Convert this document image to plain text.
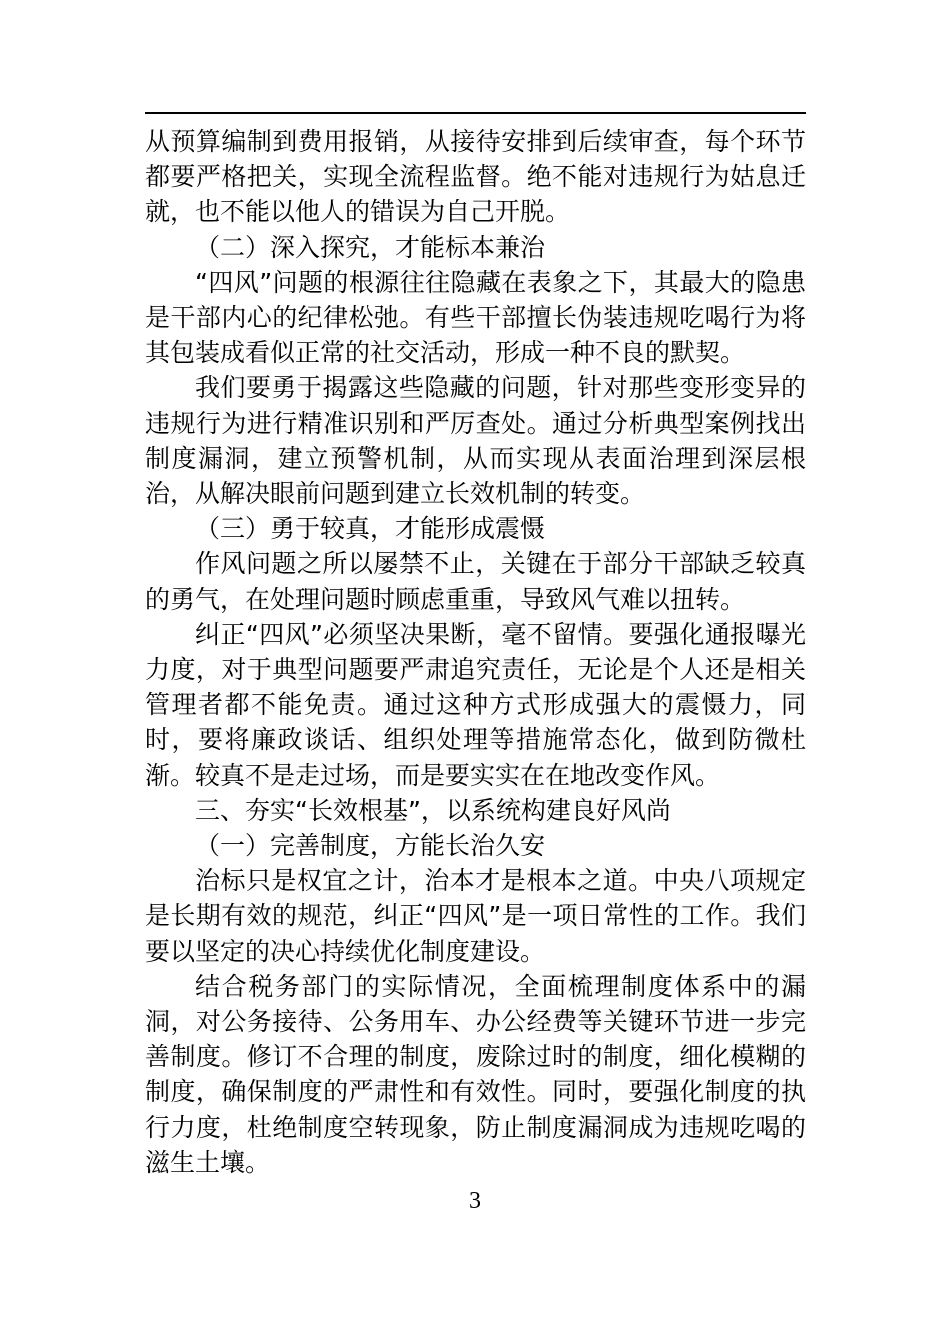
从预算编制到费用报销，从接待安排到后续审查，每个环节都要严格把关，实现全流程监督。绝不能对违规行为姑息迁就，也不能以他人的错误为自己开脱。

（二）深入探究，才能标本兼治

“四风”问题的根源往往隐藏在表象之下，其最大的隐患是干部内心的纪律松弛。有些干部擅长伪装违规吃喝行为将其包装成看似正常的社交活动，形成一种不良的默契。

我们要勇于揭露这些隐藏的问题，针对那些变形变异的违规行为进行精准识别和严厉查处。通过分析典型案例找出制度漏洞，建立预警机制，从而实现从表面治理到深层根治，从解决眼前问题到建立长效机制的转变。

（三）勇于较真，才能形成震慑

作风问题之所以屡禁不止，关键在于部分干部缺乏较真的勇气，在处理问题时顾虑重重，导致风气难以扭转。

纠正“四风”必须坚决果断，毫不留情。要强化通报曝光力度，对于典型问题要严肃追究责任，无论是个人还是相关管理者都不能免责。通过这种方式形成强大的震慑力，同时，要将廉政谈话、组织处理等措施常态化，做到防微杜渐。较真不是走过场，而是要实实在在地改变作风。

三、夯实“长效根基”，以系统构建良好风尚

（一）完善制度，方能长治久安

治标只是权宜之计，治本才是根本之道。中央八项规定是长期有效的规范，纠正“四风”是一项日常性的工作。我们要以坚定的决心持续优化制度建设。

结合税务部门的实际情况，全面梳理制度体系中的漏洞，对公务接待、公务用车、办公经费等关键环节进一步完善制度。修订不合理的制度，废除过时的制度，细化模糊的制度，确保制度的严肃性和有效性。同时，要强化制度的执行力度，杜绝制度空转现象，防止制度漏洞成为违规吃喝的滋生土壤。

3
